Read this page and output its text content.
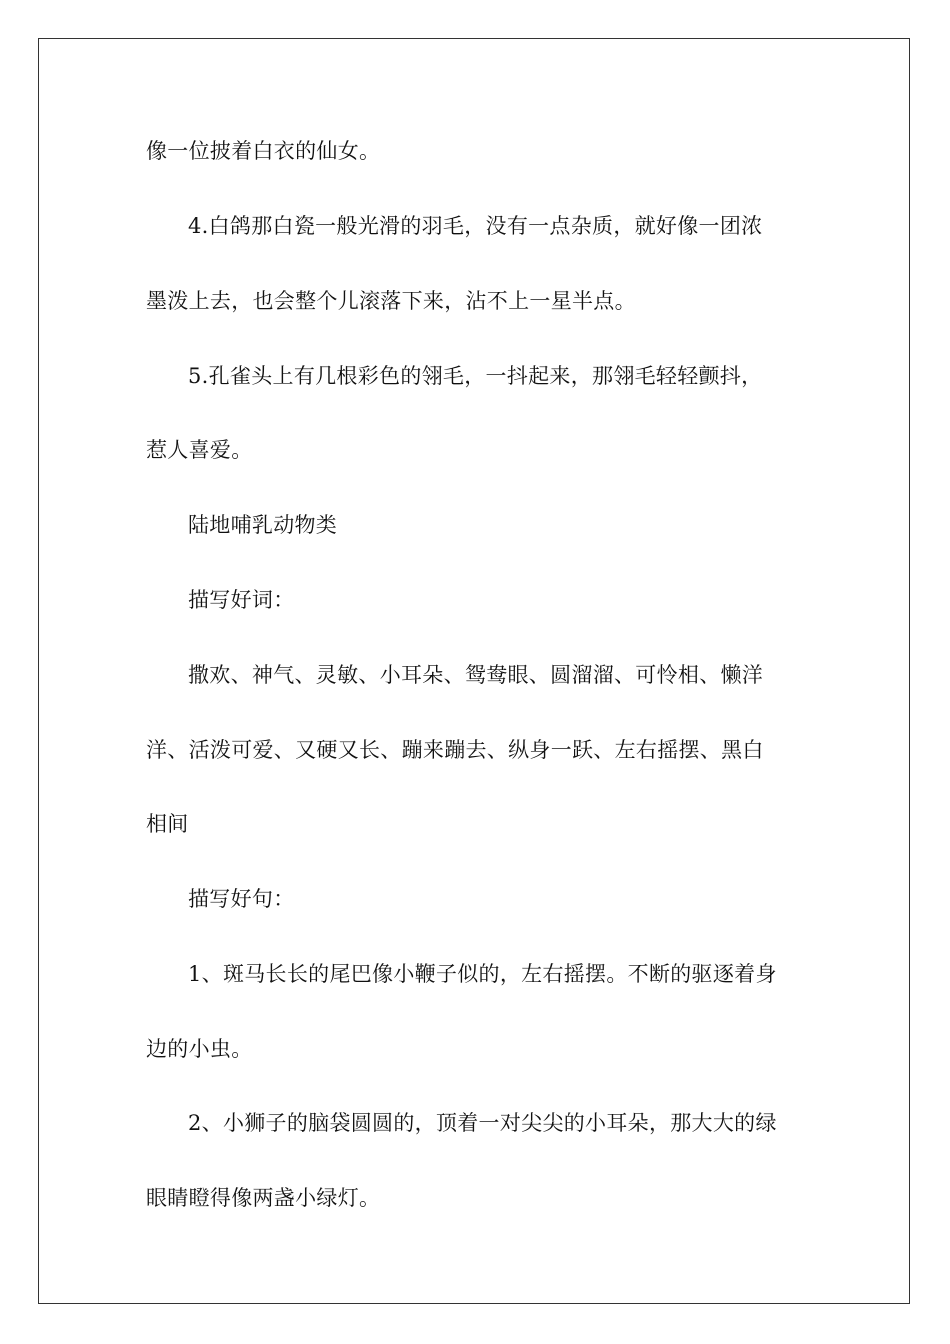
像一位披着白衣的仙女。
4.白鸽那白瓷一般光滑的羽毛，没有一点杂质，就好像一团浓
墨泼上去，也会整个儿滚落下来，沾不上一星半点。
5.孔雀头上有几根彩色的翎毛，一抖起来，那翎毛轻轻颤抖，
惹人喜爱。
陆地哺乳动物类
描写好词：
撒欢、神气、灵敏、小耳朵、鸳鸯眼、圆溜溜、可怜相、懒洋
洋、活泼可爱、又硬又长、蹦来蹦去、纵身一跃、左右摇摆、黑白
相间
描写好句：
1、斑马长长的尾巴像小鞭子似的，左右摇摆。不断的驱逐着身
边的小虫。
2、小狮子的脑袋圆圆的，顶着一对尖尖的小耳朵，那大大的绿
眼睛瞪得像两盏小绿灯。
